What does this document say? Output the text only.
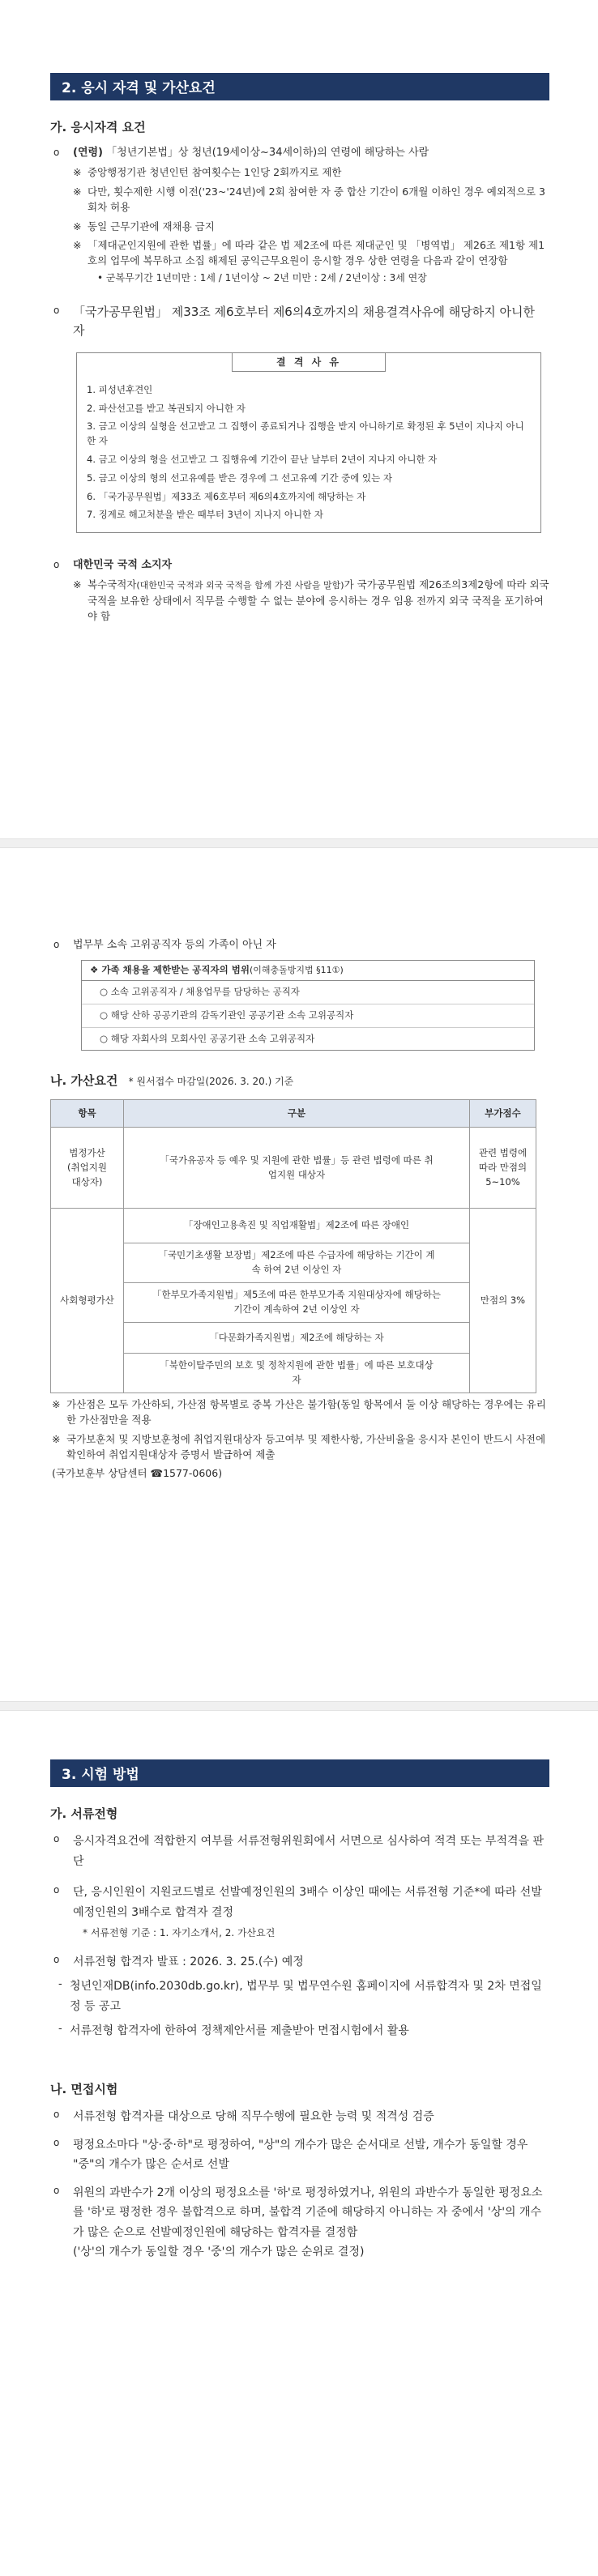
2. 응시 자격 및 가산요건
가. 응시자격 요건
o	(연령) 「청년기본법」상 청년(19세이상~34세이하)의 연령에 해당하는 사람
※ 중앙행정기관 청년인턴 참여횟수는 1인당 2회까지로 제한
※ 다만, 횟수제한 시행 이전('23~'24년)에 2회 참여한 자 중 합산 기간이 6개월 이하인 경우 예외적으로 3회차 허용
※ 동일 근무기관에 재채용 금지
※ 「제대군인지원에 관한 법률」에 따라 같은 법 제2조에 따른 제대군인 및 「병역법」 제26조 제1항 제1호의 업무에 복무하고 소집 해제된 공익근무요원이 응시할 경우 상한 연령을 다음과 같이 연장함
• 군복무기간 1년미만 : 1세 / 1년이상 ~ 2년 미만 : 2세 / 2년이상 : 3세 연장
o	「국가공무원법」 제33조 제6호부터 제6의4호까지의 채용결격사유에 해당하지 아니한 자
결 격 사 유
1. 피성년후견인
2. 파산선고를 받고 복권되지 아니한 자
3. 금고 이상의 실형을 선고받고 그 집행이 종료되거나 집행을 받지 아니하기로 확정된 후 5년이 지나지 아니한 자
4. 금고 이상의 형을 선고받고 그 집행유예 기간이 끝난 날부터 2년이 지나지 아니한 자
5. 금고 이상의 형의 선고유예를 받은 경우에 그 선고유예 기간 중에 있는 자
6. 「국가공무원법」제33조 제6호부터 제6의4호까지에 해당하는 자
7. 징계로 해고처분을 받은 때부터 3년이 지나지 아니한 자
o	대한민국 국적 소지자
※ 복수국적자(대한민국 국적과 외국 국적을 함께 가진 사람을 말함)가 국가공무원법 제26조의3제2항에 따라 외국 국적을 보유한 상태에서 직무를 수행할 수 없는 분야에 응시하는 경우 임용 전까지 외국 국적을 포기하여야 함
o	법무부 소속 고위공직자 등의 가족이 아닌 자
❖ 가족 채용을 제한받는 공직자의 범위(이해충돌방지법 §11①)
○ 소속 고위공직자 / 채용업무를 담당하는 공직자
○ 해당 산하 공공기관의 감독기관인 공공기관 소속 고위공직자
○ 해당 자회사의 모회사인 공공기관 소속 고위공직자
나. 가산요건 * 원서접수 마감일(2026. 3. 20.) 기준
항목	구분	부가점수
법정가산
(취업지원
대상자)	「국가유공자 등 예우 및 지원에 관한 법률」등 관련 법령에 따른 취업지원 대상자	관련 법령에 따라 만점의 5~10%
사회형평가산	「장애인고용촉진 및 직업재활법」제2조에 따른 장애인	만점의 3%
	「국민기초생활 보장법」제2조에 따른 수급자에 해당하는 기간이 계속 하여 2년 이상인 자	
	「한부모가족지원법」제5조에 따른 한부모가족 지원대상자에 해당하는 기간이 계속하여 2년 이상인 자	
	「다문화가족지원법」제2조에 해당하는 자	
	「북한이탈주민의 보호 및 정착지원에 관한 법률」에 따른 보호대상자	
※ 가산점은 모두 가산하되, 가산점 항목별로 중복 가산은 불가함(동일 항목에서 둘 이상 해당하는 경우에는 유리한 가산점만을 적용
※ 국가보훈처 및 지방보훈청에 취업지원대상자 등고여부 및 제한사항, 가산비율을 응시자 본인이 반드시 사전에 확인하여 취업지원대상자 증명서 발급하여 제출
(국가보훈부 상담센터 ☎1577-0606)
3. 시험 방법
가. 서류전형
o	응시자격요건에 적합한지 여부를 서류전형위원회에서 서면으로 심사하여 적격 또는 부적격을 판단
o	단, 응시인원이 지원코드별로 선발예정인원의 3배수 이상인 때에는 서류전형 기준*에 따라 선발예정인원의 3배수로 합격자 결정
* 서류전형 기준 : 1. 자기소개서, 2. 가산요건
o	서류전형 합격자 발표 : 2026. 3. 25.(수) 예정
- 청년인재DB(info.2030db.go.kr), 법무부 및 법무연수원 홈페이지에 서류합격자 및 2차 면접일정 등 공고
- 서류전형 합격자에 한하여 정책제안서를 제출받아 면접시험에서 활용
나. 면접시험
o	서류전형 합격자를 대상으로 당해 직무수행에 필요한 능력 및 적격성 검증
o	평정요소마다 "상·중·하"로 평정하여, "상"의 개수가 많은 순서대로 선발, 개수가 동일할 경우 "중"의 개수가 많은 순서로 선발
o	위원의 과반수가 2개 이상의 평정요소를 '하'로 평정하였거나, 위원의 과반수가 동일한 평정요소를 '하'로 평정한 경우 불합격으로 하며, 불합격 기준에 해당하지 아니하는 자 중에서 '상'의 개수가 많은 순으로 선발예정인원에 해당하는 합격자를 결정함
('상'의 개수가 동일할 경우 '중'의 개수가 많은 순위로 결정)
